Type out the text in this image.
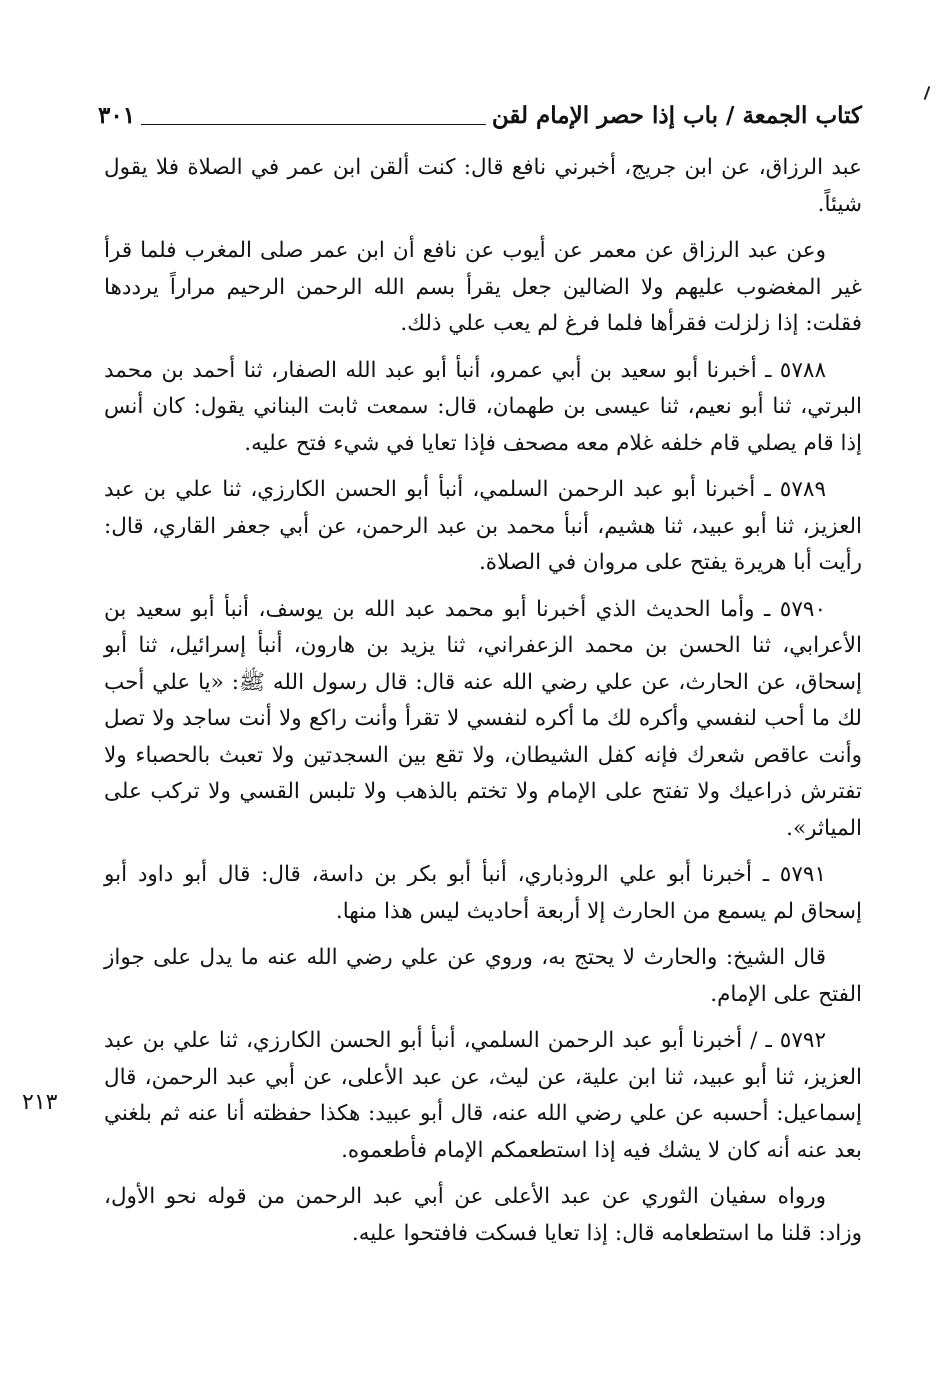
كتاب الجمعة / باب إذا حصر الإمام لقن
٣٠١

عبد الرزاق، عن ابن جريج، أخبرني نافع قال: كنت ألقن ابن عمر في الصلاة فلا يقول شيئاً.

وعن عبد الرزاق عن معمر عن أيوب عن نافع أن ابن عمر صلى المغرب فلما قرأ غير المغضوب عليهم ولا الضالين جعل يقرأ بسم الله الرحمن الرحيم مراراً يرددها فقلت: إذا زلزلت فقرأها فلما فرغ لم يعب علي ذلك.

٥٧٨٨ ـ أخبرنا أبو سعيد بن أبي عمرو، أنبأ أبو عبد الله الصفار، ثنا أحمد بن محمد البرتي، ثنا أبو نعيم، ثنا عيسى بن طهمان، قال: سمعت ثابت البناني يقول: كان أنس إذا قام يصلي قام خلفه غلام معه مصحف فإذا تعايا في شيء فتح عليه.

٥٧٨٩ ـ أخبرنا أبو عبد الرحمن السلمي، أنبأ أبو الحسن الكارزي، ثنا علي بن عبد العزيز، ثنا أبو عبيد، ثنا هشيم، أنبأ محمد بن عبد الرحمن، عن أبي جعفر القاري، قال: رأيت أبا هريرة يفتح على مروان في الصلاة.

٥٧٩٠ ـ وأما الحديث الذي أخبرنا أبو محمد عبد الله بن يوسف، أنبأ أبو سعيد بن الأعرابي، ثنا الحسن بن محمد الزعفراني، ثنا يزيد بن هارون، أنبأ إسرائيل، ثنا أبو إسحاق، عن الحارث، عن علي رضي الله عنه قال: قال رسول الله ﷺ: «يا علي أحب لك ما أحب لنفسي وأكره لك ما أكره لنفسي لا تقرأ وأنت راكع ولا أنت ساجد ولا تصل وأنت عاقص شعرك فإنه كفل الشيطان، ولا تقع بين السجدتين ولا تعبث بالحصباء ولا تفترش ذراعيك ولا تفتح على الإمام ولا تختم بالذهب ولا تلبس القسي ولا تركب على المياثر».

٥٧٩١ ـ أخبرنا أبو علي الروذباري، أنبأ أبو بكر بن داسة، قال: قال أبو داود أبو إسحاق لم يسمع من الحارث إلا أربعة أحاديث ليس هذا منها.

قال الشيخ: والحارث لا يحتج به، وروي عن علي رضي الله عنه ما يدل على جواز الفتح على الإمام.

٥٧٩٢ ـ / أخبرنا أبو عبد الرحمن السلمي، أنبأ أبو الحسن الكارزي، ثنا علي بن عبد العزيز، ثنا أبو عبيد، ثنا ابن علية، عن ليث، عن عبد الأعلى، عن أبي عبد الرحمن، قال إسماعيل: أحسبه عن علي رضي الله عنه، قال أبو عبيد: هكذا حفظته أنا عنه ثم بلغني بعد عنه أنه كان لا يشك فيه إذا استطعمكم الإمام فأطعموه.

ورواه سفيان الثوري عن عبد الأعلى عن أبي عبد الرحمن من قوله نحو الأول، وزاد: قلنا ما استطعامه قال: إذا تعايا فسكت فافتحوا عليه.

٢١٣
